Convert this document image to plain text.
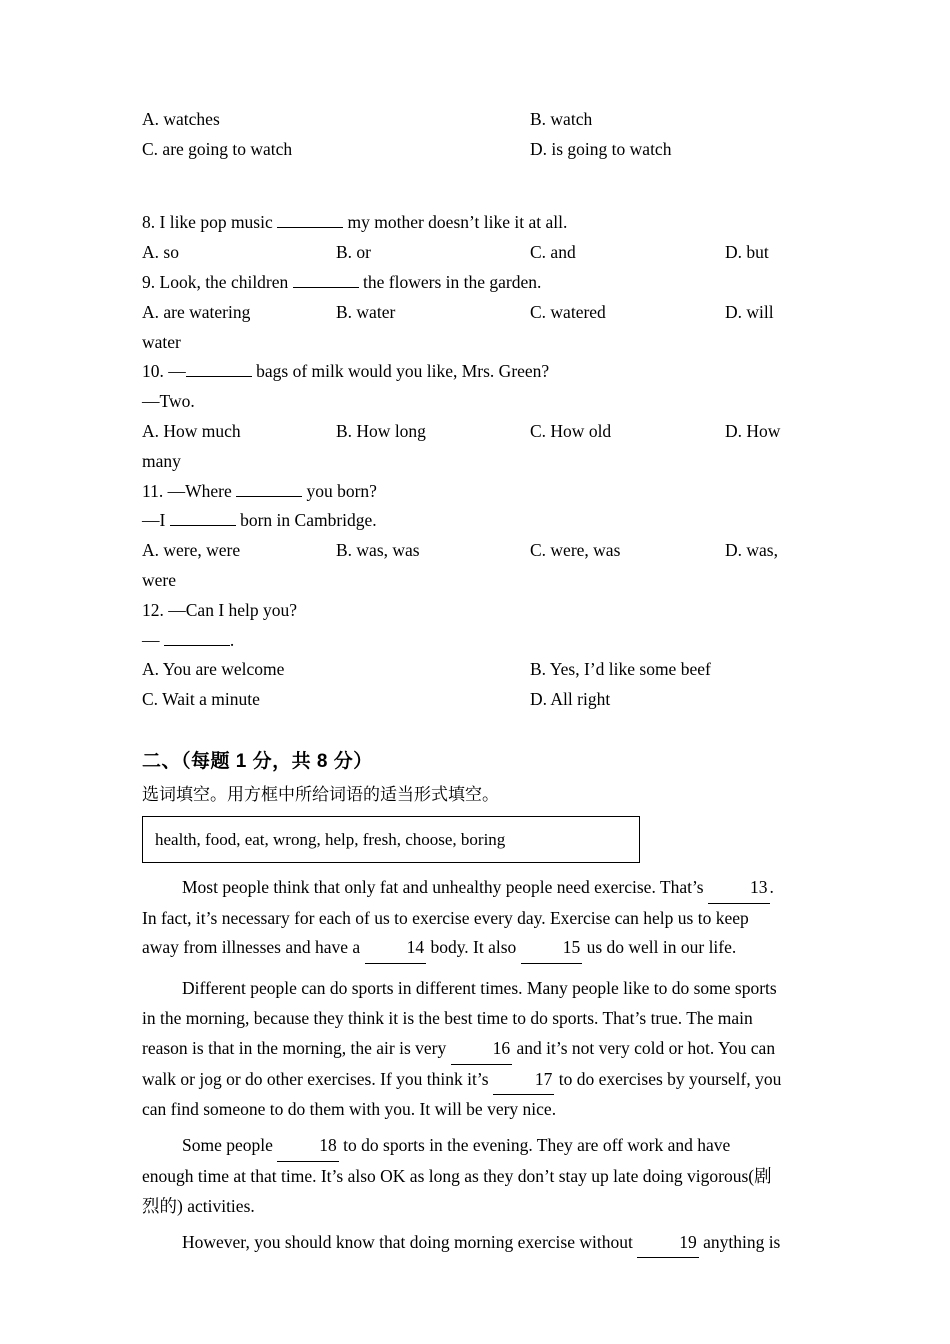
A. watches	B. watch
C. are going to watch	D. is going to watch
8. I like pop music	my mother doesn’t like it at all.
A. so	B. or	C. and	D. but
9. Look, the children	the flowers in the garden.
A. are watering	B. water	C. watered	D. will
water
10. —	bags of milk would you like, Mrs. Green?
—Two.
A. How much	B. How long	C. How old	D. How
many
11. —Where	you born?
—I	born in Cambridge.
A. were, were	B. was, was	C. were, was	D. was,
were
12. —Can I help you?
—	.
A. You are welcome	B. Yes, I’d like some beef
C. Wait a minute	D. All right
二、（每题 1 分，共 8 分）
选词填空。用方框中所给词语的适当形式填空。
health, food, eat, wrong, help, fresh, choose, boring
Most people think that only fat and unhealthy people need exercise. That’s	13 . In fact, it’s necessary for each of us to exercise every day. Exercise can help us to keep away from illnesses and have a	14 body. It also	15 us do well in our life.
Different people can do sports in different times. Many people like to do some sports in the morning, because they think it is the best time to do sports. That’s true. The main reason is that in the morning, the air is very	16 and it’s not very cold or hot. You can walk or jog or do other exercises. If you think it’s	17 to do exercises by yourself, you can find someone to do them with you. It will be very nice.
Some people	18 to do sports in the evening. They are off work and have enough time at that time. It’s also OK as long as they don’t stay up late doing vigorous(剧烈的) activities.
However, you should know that doing morning exercise without	19 anything is
